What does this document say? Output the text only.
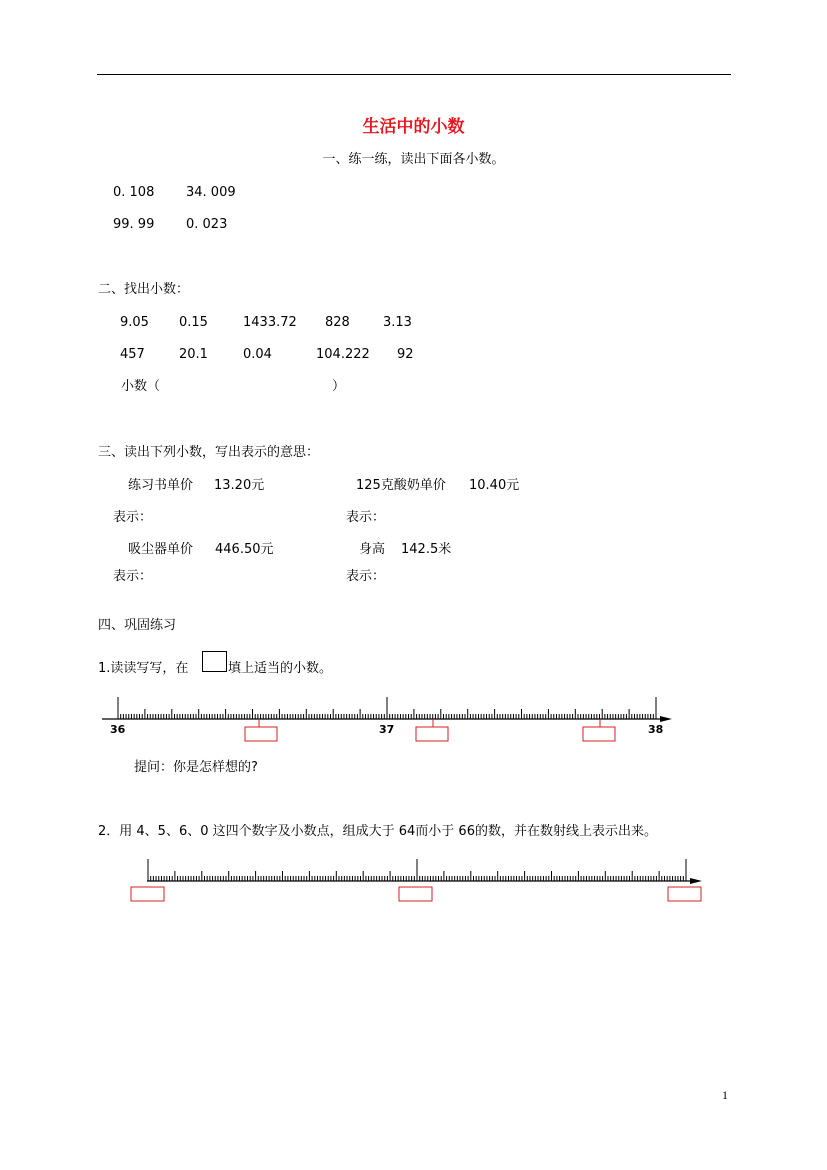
生活中的小数
一、练一练，读出下面各小数。
0. 108 34. 009
99. 99 0. 023
二、找出小数：
9.05 0.15	1433.72 828	3.13
457	20.1	0.04	104.222 92
小数（	）
三、读出下列小数，写出表示的意思：
练习书单价 13.20元	125克酸奶单价 10.40元
表示：	表示：
吸尘器单价 446.50元	身高 142.5米
表示：	表示：
四、巩固练习
1.读读写写，在	填上适当的小数。
36	37	38
提问：你是怎样想的?
2．用 4、5、6、0 这四个数字及小数点，组成大于 64而小于 66的数，并在数射线上表示出来。
1
